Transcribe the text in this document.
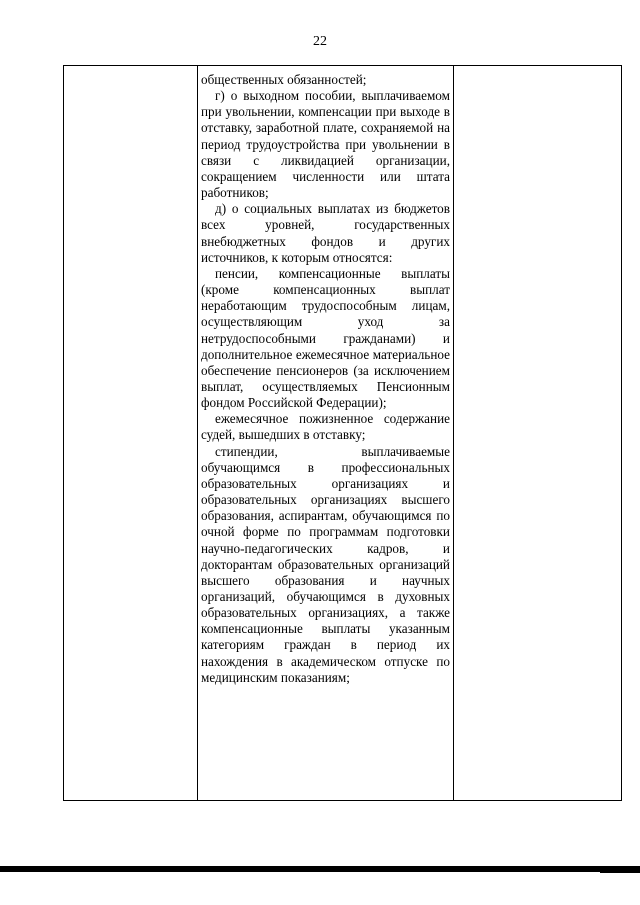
22

общественных обязанностей;

г) о выходном пособии, выплачиваемом при увольнении, компенсации при выходе в отставку, заработной плате, сохраняемой на период трудоустройства при увольнении в связи с ликвидацией организации, сокращением численности или штата работников;

д) о социальных выплатах из бюджетов всех уровней, государственных внебюджетных фондов и других источников, к которым относятся:

пенсии, компенсационные выплаты (кроме компенсационных выплат неработающим трудоспособным лицам, осуществляющим уход за нетрудоспособными гражданами) и дополнительное ежемесячное материальное обеспечение пенсионеров (за исключением выплат, осуществляемых Пенсионным фондом Российской Федерации);

ежемесячное пожизненное содержание судей, вышедших в отставку;

стипендии, выплачиваемые обучающимся в профессиональных образовательных организациях и образовательных организациях высшего образования, аспирантам, обучающимся по очной форме по программам подготовки научно-педагогических кадров, и докторантам образовательных организаций высшего образования и научных организаций, обучающимся в духовных образовательных организациях, а также компенсационные выплаты указанным категориям граждан в период их нахождения в академическом отпуске по медицинским показаниям;
